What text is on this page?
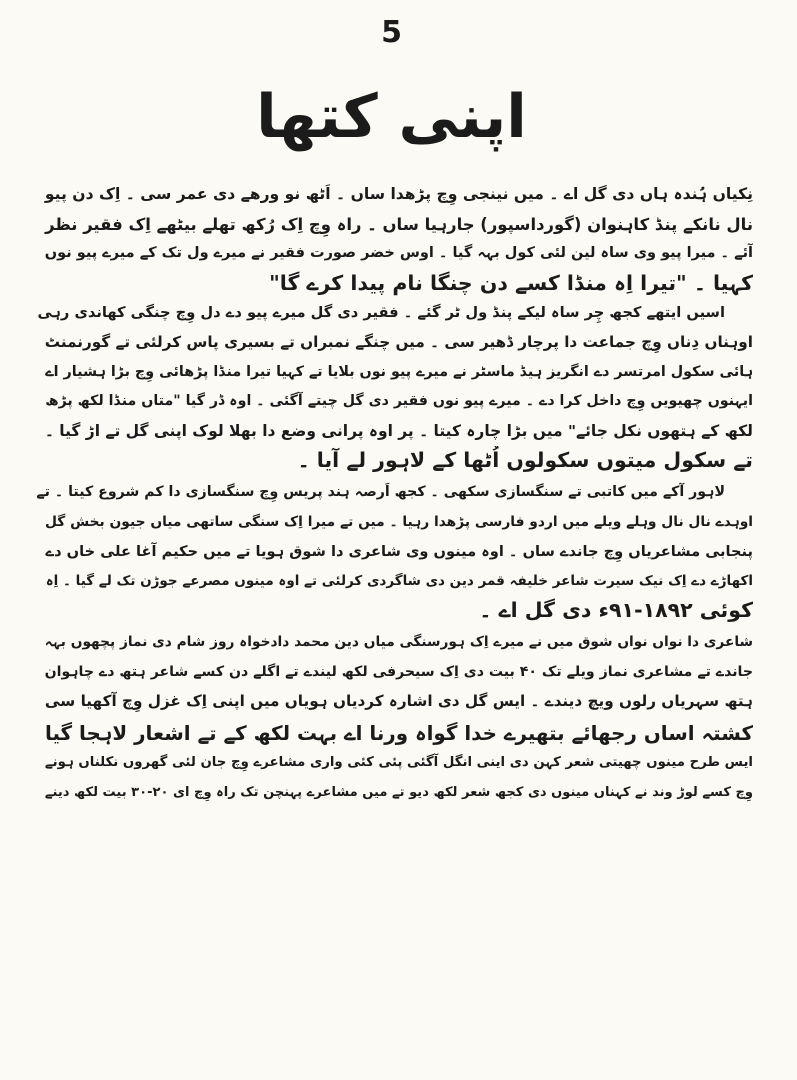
5
اپنی کتھا
نِکیاں ہُندہ ہاں دی گل اے ۔ میں نینجی وِچ پڑھدا ساں ۔ اَٹھ نو ورھے دی عمر سی ۔ اِک دن پیو
نال نانکے پنڈ کاہنوان (گورداسپور) جارہیا ساں ۔ راہ وِچ اِک رُکھ تھلے بیٹھے اِک فقیر نظر
آئے ۔ میرا پیو وی ساہ لین لئی کول بہہ گیا ۔ اوس خضر صورت فقیر نے میرے ول تک کے میرے پیو نوں
کہیا ۔ "تیرا اِہ منڈا کسے دن چنگا نام پیدا کرے گا"
اسیں ایتھے کجھ چِر ساہ لیکے پنڈ ول ٹر گئے ۔ فقیر دی گل میرے پیو دے دل وِچ چنگی کھاندی رہی
اوہناں دِناں وِچ جماعت دا پرچار ڈھیر سی ۔ میں چنگے نمبراں تے بسیری پاس کرلئی تے گورنمنٹ
ہائی سکول امرتسر دے انگریز ہیڈ ماسٹر نے میرے پیو نوں بلایا تے کہیا تیرا منڈا پڑھائی وِچ بڑا ہشیار اے
ایہنوں چھیویں وِچ داخل کرا دے ۔ میرے پیو نوں فقیر دی گل چیتے آگئی ۔ اوہ ڈر گیا "متاں منڈا لکھ پڑھ
لکھ کے ہتھوں نکل جائے" میں بڑا چارہ کیتا ۔ پر اوہ پرانی وضع دا بھلا لوک اپنی گل تے اڑ گیا ۔
تے سکول میتوں سکولوں اُٹھا کے لاہور لے آیا ۔
لاہور آکے میں کاتبی تے سنگسازی سکھی ۔ کجھ اَرصہ ہند پریس وِچ سنگسازی دا کم شروع کیتا ۔ تے
اوہدے نال نال وہلے ویلے میں اردو فارسی پڑھدا رہیا ۔ میں تے میرا اِک سنگی ساتھی میاں جیون بخش گل
پنجابی مشاعریاں وِچ جاندے ساں ۔ اوہ مینوں وی شاعری دا شوق ہویا تے میں حکیم آغا علی خاں دے
اکھاڑے دے اِک نیک سیرت شاعر خلیفہ قمر دین دی شاگردی کرلئی تے اوہ مینوں مصرعے جوڑن تک لے گیا ۔ اِہ
کوئی ۱۸۹۲-۹۱ء دی گل اے ۔
شاعری دا نواں نواں شوق میں نے میرے اِک ہورسنگی میاں دین محمد دادخواہ روز شام دی نماز پچھوں بہہ
جاندے تے مشاعری نماز ویلے تک ۴۰ بیت دی اِک سیحرفی لکھ لیندے تے اگلے دن کسے شاعر ہتھ دے چاہوان
ہتھ سہریاں رلوں ویچ دیندے ۔ ایس گل دی اشارہ کردیاں ہویاں میں اپنی اِک غزل وِچ آکھیا سی
کشتہ اساں رجھائے بتھیرے خدا گواہ ورنا اے بہت لکھ کے تے اشعار لاہجا گیا
ایس طرح مینوں چھیتی شعر کہن دی اینی انگل آگئی پئی کئی واری مشاعرے وِچ جان لئی گھروں نکلناں ہونے
وِچ کسے لوڑ وند نے کہناں مینوں دی کجھ شعر لکھ دیو تے میں مشاعرے پہنچن تک راہ وِچ ای ۲۰-۳۰ بیت لکھ دینے
